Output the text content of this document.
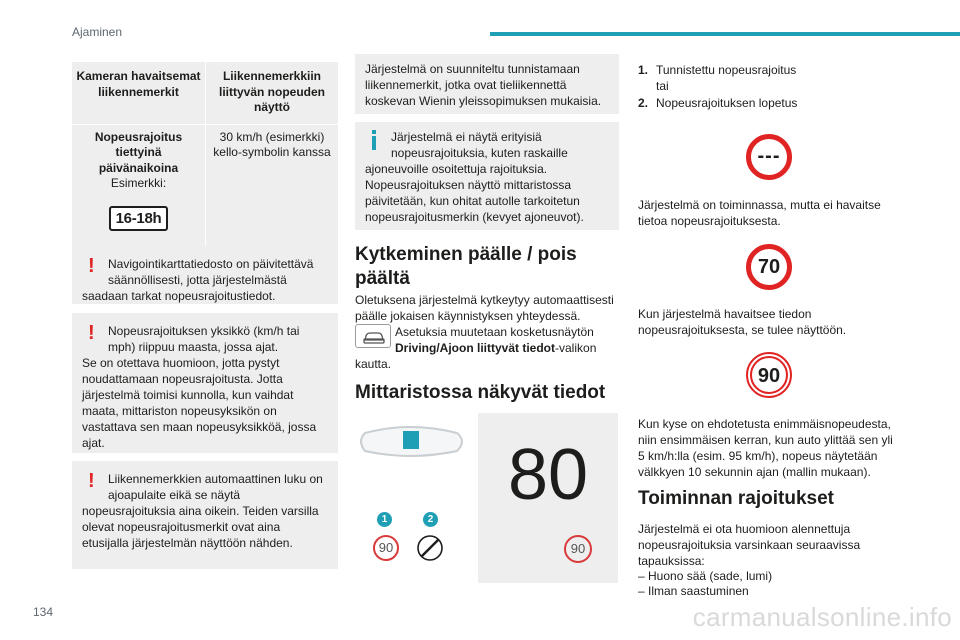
Ajaminen
134	carmanualsonline.info
Kameran havaitsemat liikennemerkit
Liikennemerkkiin liittyvän nopeuden näyttö
Nopeusrajoitus tiettyinä päivänaikoina
Esimerkki:
16-18h
30 km/h (esimerkki) kello-symbolin kanssa
! Navigointikarttatiedosto on päivitettävä säännöllisesti, jotta järjestelmästä
saadaan tarkat nopeusrajoitustiedot.
! Nopeusrajoituksen yksikkö (km/h tai mph) riippuu maasta, jossa ajat.
Se on otettava huomioon, jotta pystyt noudattamaan nopeusrajoitusta. Jotta järjestelmä toimisi kunnolla, kun vaihdat maata, mittariston nopeusyksikön on vastattava sen maan nopeusyksikköä, jossa ajat.
! Liikennemerkkien automaattinen luku on ajoapulaite eikä se näytä
nopeusrajoituksia aina oikein. Teiden varsilla olevat nopeusrajoitusmerkit ovat aina etusijalla järjestelmän näyttöön nähden.
Järjestelmä on suunniteltu tunnistamaan liikennemerkit, jotka ovat tieliikennettä koskevan Wienin yleissopimuksen mukaisia.
Järjestelmä ei näytä erityisiä nopeusrajoituksia, kuten raskaille
ajoneuvoille osoitettuja rajoituksia. Nopeusrajoituksen näyttö mittaristossa päivitetään, kun ohitat autolle tarkoitetun nopeusrajoitusmerkin (kevyet ajoneuvot).
Kytkeminen päälle / pois päältä
Oletuksena järjestelmä kytkeytyy automaattisesti päälle jokaisen käynnistyksen yhteydessä.
Asetuksia muutetaan kosketusnäytön Driving/Ajoon liittyvät tiedot-valikon kautta.
Mittaristossa näkyvät tiedot
1	2
90
80
90
1. Tunnistettu nopeusrajoitus
tai
2. Nopeusrajoituksen lopetus
---
Järjestelmä on toiminnassa, mutta ei havaitse tietoa nopeusrajoituksesta.
70
Kun järjestelmä havaitsee tiedon nopeusrajoituksesta, se tulee näyttöön.
90
Kun kyse on ehdotetusta enimmäisnopeudesta, niin ensimmäisen kerran, kun auto ylittää sen yli 5 km/h:lla (esim. 95 km/h), nopeus näytetään välkkyen 10 sekunnin ajan (mallin mukaan).
Toiminnan rajoitukset
Järjestelmä ei ota huomioon alennettuja nopeusrajoituksia varsinkaan seuraavissa tapauksissa:
– Huono sää (sade, lumi)
– Ilman saastuminen
